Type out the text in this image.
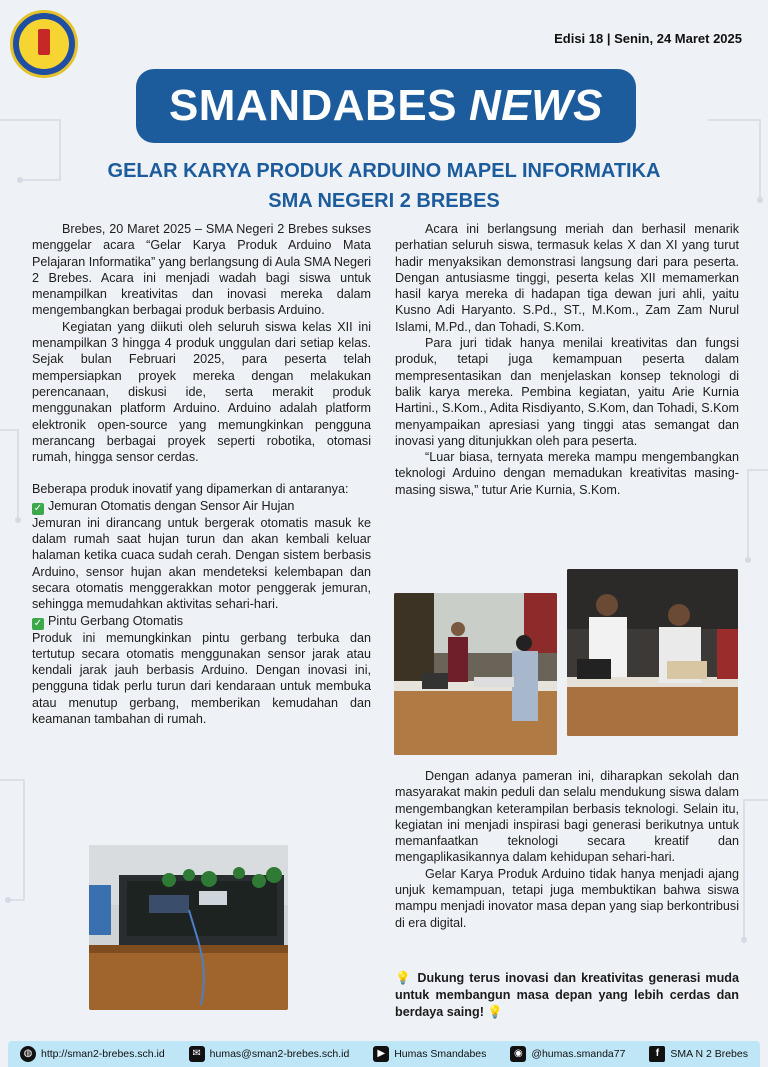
Edisi 18 | Senin, 24 Maret 2025
SMANDABES NEWS
GELAR KARYA PRODUK ARDUINO MAPEL INFORMATIKA
SMA NEGERI 2 BREBES

Brebes, 20 Maret 2025 – SMA Negeri 2 Brebes sukses menggelar acara “Gelar Karya Produk Arduino Mata Pelajaran Informatika” yang berlangsung di Aula SMA Negeri 2 Brebes. Acara ini menjadi wadah bagi siswa untuk menampilkan kreativitas dan inovasi mereka dalam mengembangkan berbagai produk berbasis Arduino.

Kegiatan yang diikuti oleh seluruh siswa kelas XII ini menampilkan 3 hingga 4 produk unggulan dari setiap kelas. Sejak bulan Februari 2025, para peserta telah mempersiapkan proyek mereka dengan melakukan perencanaan, diskusi ide, serta merakit produk menggunakan platform Arduino. Arduino adalah platform elektronik open-source yang memungkinkan pengguna merancang berbagai proyek seperti robotika, otomasi rumah, hingga sensor cerdas.

Beberapa produk inovatif yang dipamerkan di antaranya:

✓ Jemuran Otomatis dengan Sensor Air Hujan

Jemuran ini dirancang untuk bergerak otomatis masuk ke dalam rumah saat hujan turun dan akan kembali keluar halaman ketika cuaca sudah cerah. Dengan sistem berbasis Arduino, sensor hujan akan mendeteksi kelembapan dan secara otomatis menggerakkan motor penggerak jemuran, sehingga memudahkan aktivitas sehari-hari.

✓ Pintu Gerbang Otomatis

Produk ini memungkinkan pintu gerbang terbuka dan tertutup secara otomatis menggunakan sensor jarak atau kendali jarak jauh berbasis Arduino. Dengan inovasi ini, pengguna tidak perlu turun dari kendaraan untuk membuka atau menutup gerbang, memberikan kemudahan dan keamanan tambahan di rumah.

Acara ini berlangsung meriah dan berhasil menarik perhatian seluruh siswa, termasuk kelas X dan XI yang turut hadir menyaksikan demonstrasi langsung dari para peserta. Dengan antusiasme tinggi, peserta kelas XII memamerkan hasil karya mereka di hadapan tiga dewan juri ahli, yaitu Kusno Adi Haryanto. S.Pd., ST., M.Kom., Zam Zam Nurul Islami, M.Pd., dan Tohadi, S.Kom.

Para juri tidak hanya menilai kreativitas dan fungsi produk, tetapi juga kemampuan peserta dalam mempresentasikan dan menjelaskan konsep teknologi di balik karya mereka. Pembina kegiatan, yaitu Arie Kurnia Hartini., S.Kom., Adita Risdiyanto, S.Kom, dan Tohadi, S.Kom menyampaikan apresiasi yang tinggi atas semangat dan inovasi yang ditunjukkan oleh para peserta.

“Luar biasa, ternyata mereka mampu mengembangkan teknologi Arduino dengan memadukan kreativitas masing-masing siswa,” tutur Arie Kurnia, S.Kom.

Dengan adanya pameran ini, diharapkan sekolah dan masyarakat makin peduli dan selalu mendukung siswa dalam mengembangkan keterampilan berbasis teknologi. Selain itu, kegiatan ini menjadi inspirasi bagi generasi berikutnya untuk memanfaatkan teknologi secara kreatif dan mengaplikasikannya dalam kehidupan sehari-hari.

Gelar Karya Produk Arduino tidak hanya menjadi ajang unjuk kemampuan, tetapi juga membuktikan bahwa siswa mampu menjadi inovator masa depan yang siap berkontribusi di era digital.

💡 Dukung terus inovasi dan kreativitas generasi muda untuk membangun masa depan yang lebih cerdas dan berdaya saing! 💡
◍ http://sman2-brebes.sch.id	✉ humas@sman2-brebes.sch.id	▶ Humas Smandabes	◉ @humas.smanda77	f	SMA N 2 Brebes
